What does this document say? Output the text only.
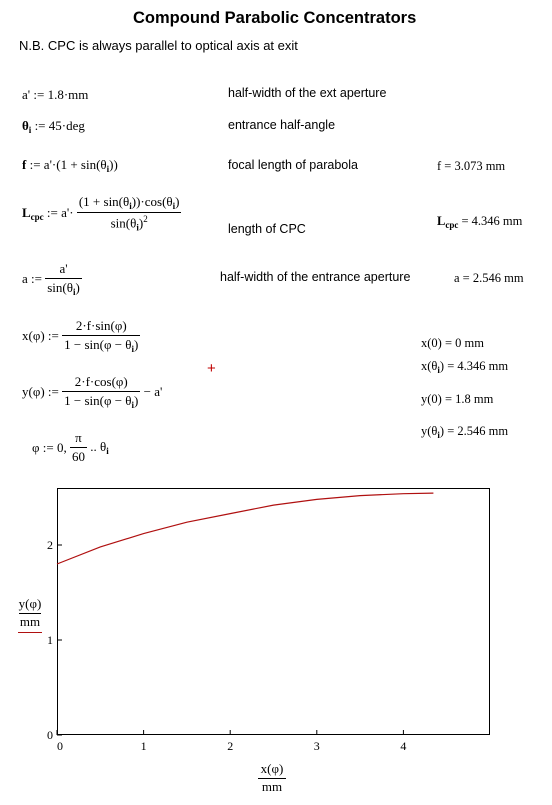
Compound Parabolic Concentrators
N.B. CPC is always parallel to optical axis at exit
a' := 1.8·mm	half-width of the ext aperture
$\theta_i$ := 45·deg	entrance half-angle
f := $a'\cdot(1 + \sin(\theta_i))$	focal length of parabola	f = 3.073 mm
$L_{cpc}$ := $a'\cdot \frac{(1 + \sin(\theta_i))\cdot\cos(\theta_i)}{\sin(\theta_i)^2}$	length of CPC
$L_{cpc} = 4.346$ mm
a := $\frac{a'}{\sin(\theta_i)}$	half-width of the entrance aperture	a = 2.546 mm
x(φ) := $\frac{2\cdot f\cdot\sin(\varphi)}{1 - \sin(\varphi - \theta_i)}$
+
y(φ) := $\frac{2\cdot f\cdot\cos(\varphi)}{1 - \sin(\varphi - \theta_i)} - a'$
φ := 0, $\frac{\pi}{60}$ .. $\theta_i$
x(0) = 0 mm
$x(\theta_i) = 4.346$ mm
y(0) = 1.8 mm
$y(\theta_i) = 2.546$ mm
0	1	2	3	4
0
1
2
y(φ)
mm
x(φ)
mm
